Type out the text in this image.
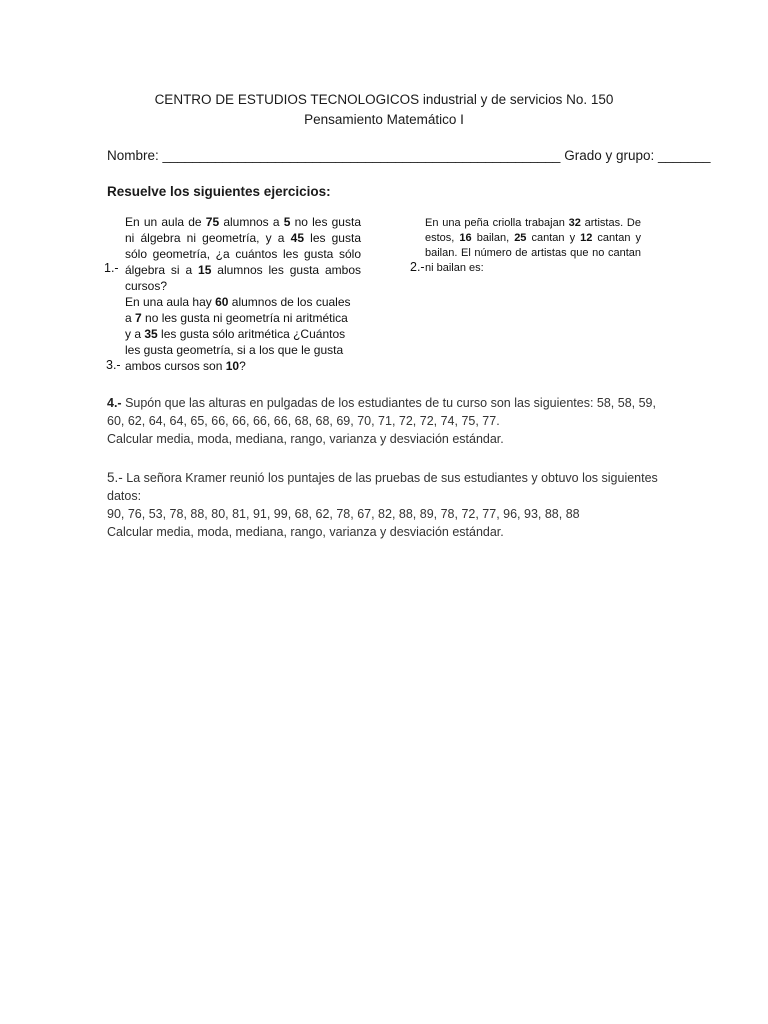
CENTRO DE ESTUDIOS TECNOLOGICOS industrial y de servicios No. 150
Pensamiento Matemático I
Nombre: _____________________________________________________ Grado y grupo: _______
Resuelve los siguientes ejercicios:
En un aula de 75 alumnos a 5 no les gusta ni álgebra ni geometría, y a 45 les gusta sólo geometría, ¿a cuántos les gusta sólo álgebra si a 15 alumnos les gusta ambos cursos?
1.-
En una peña criolla trabajan 32 artistas. De estos, 16 bailan, 25 cantan y 12 cantan y bailan. El número de artistas que no cantan ni bailan es:
2.-
En una aula hay 60 alumnos de los cuales a 7 no les gusta ni geometría ni aritmética y a 35 les gusta sólo aritmética ¿Cuántos les gusta geometría, si a los que le gusta ambos cursos son 10?
3.-
4.- Supón que las alturas en pulgadas de los estudiantes de tu curso son las siguientes: 58, 58, 59, 60, 62, 64, 64, 65, 66, 66, 66, 66, 68, 68, 69, 70, 71, 72, 72, 74, 75, 77.
Calcular media, moda, mediana, rango, varianza y desviación estándar.
5.- La señora Kramer reunió los puntajes de las pruebas de sus estudiantes y obtuvo los siguientes datos:
90, 76, 53, 78, 88, 80, 81, 91, 99, 68, 62, 78, 67, 82, 88, 89, 78, 72, 77, 96, 93, 88, 88
Calcular media, moda, mediana, rango, varianza y desviación estándar.
